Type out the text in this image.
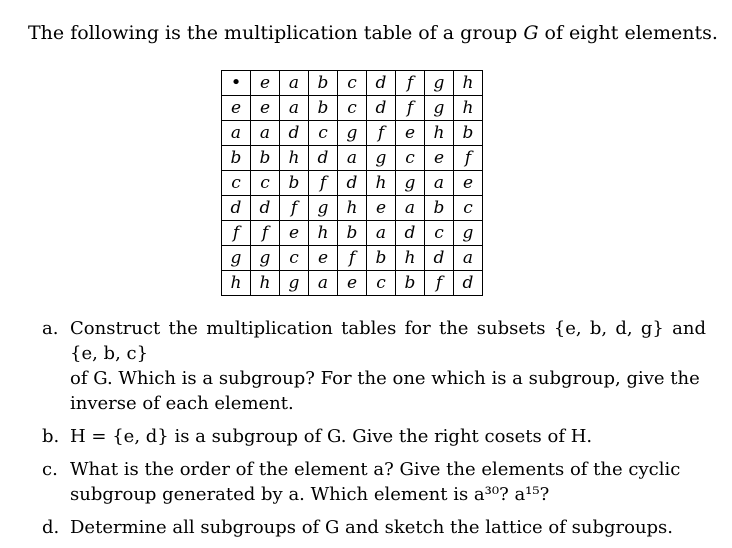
The following is the multiplication table of a group G of eight elements.
•	e	a	b	c	d	f	g	h
e	e	a	b	c	d	f	g	h
a	a	d	c	g	f	e	h	b
b	b	h	d	a	g	c	e	f
c	c	b	f	d	h	g	a	e
d	d	f	g	h	e	a	b	c
f	f	e	h	b	a	d	c	g
g	g	c	e	f	b	h	d	a
h	h	g	a	e	c	b	f	d
a. Construct the multiplication tables for the subsets {e, b, d, g} and {e, b, c}
of G. Which is a subgroup? For the one which is a subgroup, give the
inverse of each element.
b. H = {e, d} is a subgroup of G. Give the right cosets of H.
c. What is the order of the element a? Give the elements of the cyclic
subgroup generated by a. Which element is a³⁰? a¹⁵?
d. Determine all subgroups of G and sketch the lattice of subgroups.
